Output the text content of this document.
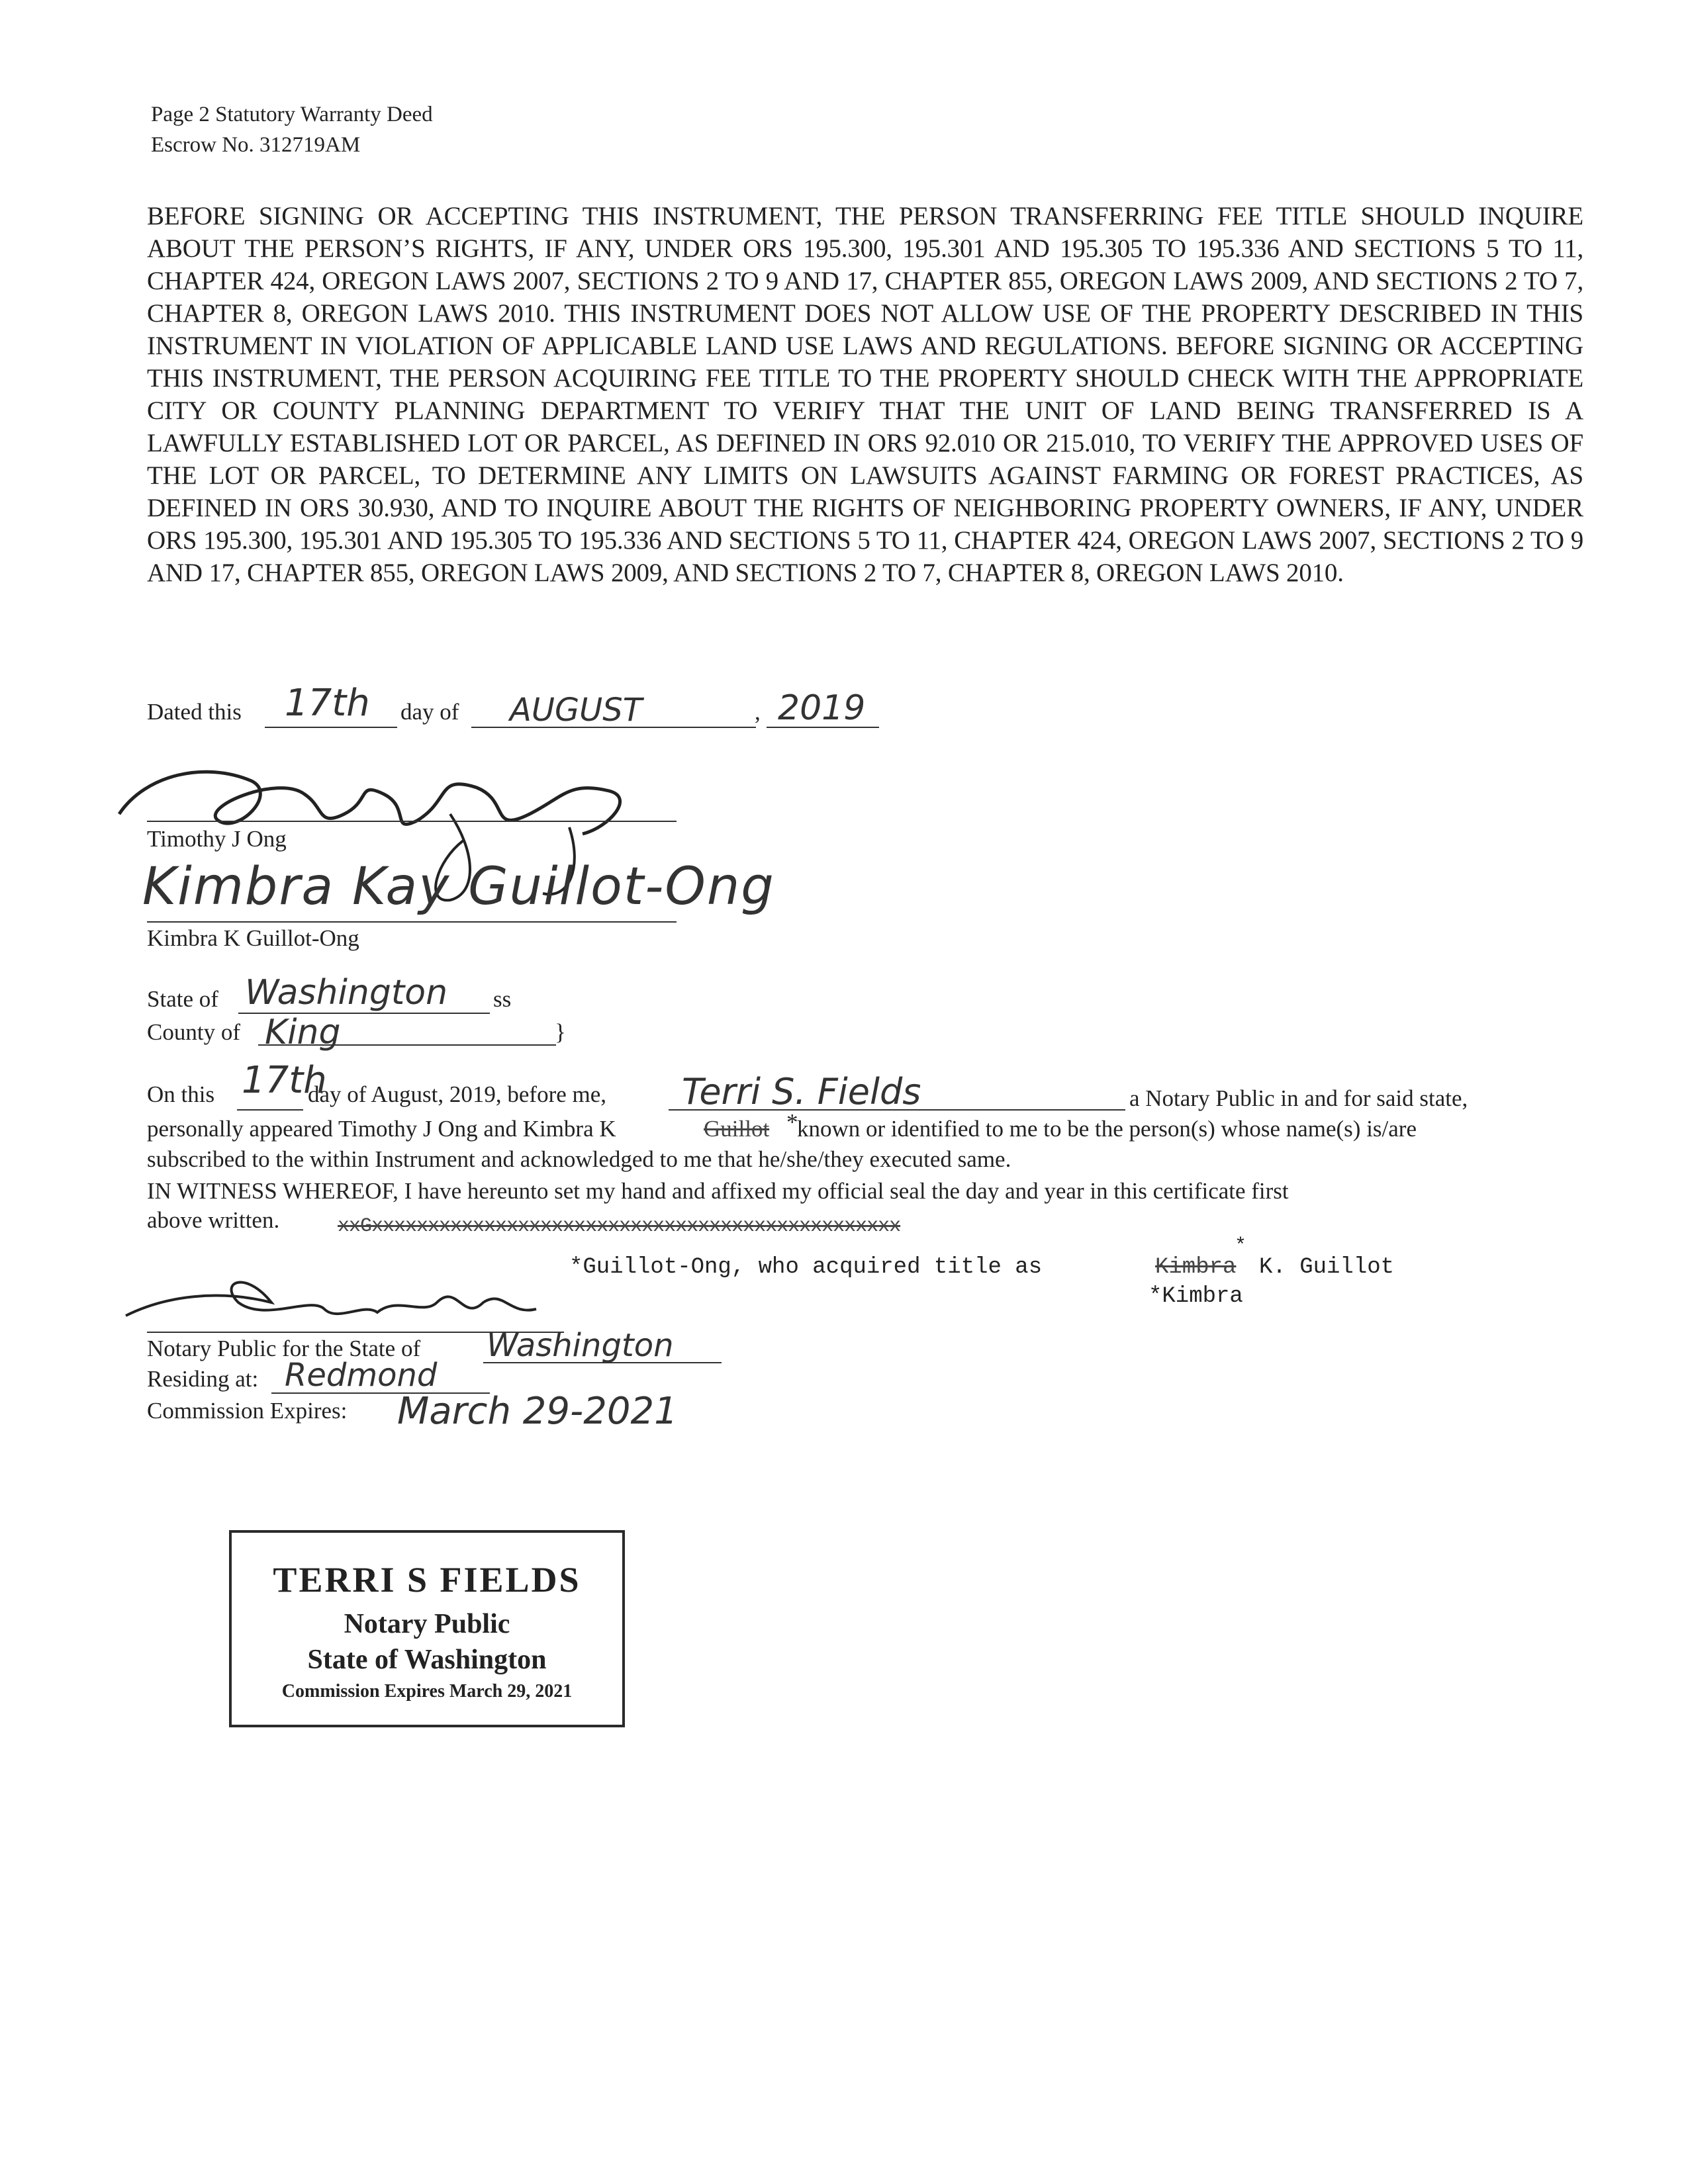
Page 2 Statutory Warranty Deed
Escrow No. 312719AM
BEFORE SIGNING OR ACCEPTING THIS INSTRUMENT, THE PERSON TRANSFERRING FEE TITLE SHOULD INQUIRE ABOUT THE PERSON’S RIGHTS, IF ANY, UNDER ORS 195.300, 195.301 AND 195.305 TO 195.336 AND SECTIONS 5 TO 11, CHAPTER 424, OREGON LAWS 2007, SECTIONS 2 TO 9 AND 17, CHAPTER 855, OREGON LAWS 2009, AND SECTIONS 2 TO 7, CHAPTER 8, OREGON LAWS 2010. THIS INSTRUMENT DOES NOT ALLOW USE OF THE PROPERTY DESCRIBED IN THIS INSTRUMENT IN VIOLATION OF APPLICABLE LAND USE LAWS AND REGULATIONS. BEFORE SIGNING OR ACCEPTING THIS INSTRUMENT, THE PERSON ACQUIRING FEE TITLE TO THE PROPERTY SHOULD CHECK WITH THE APPROPRIATE CITY OR COUNTY PLANNING DEPARTMENT TO VERIFY THAT THE UNIT OF LAND BEING TRANSFERRED IS A LAWFULLY ESTABLISHED LOT OR PARCEL, AS DEFINED IN ORS 92.010 OR 215.010, TO VERIFY THE APPROVED USES OF THE LOT OR PARCEL, TO DETERMINE ANY LIMITS ON LAWSUITS AGAINST FARMING OR FOREST PRACTICES, AS DEFINED IN ORS 30.930, AND TO INQUIRE ABOUT THE RIGHTS OF NEIGHBORING PROPERTY OWNERS, IF ANY, UNDER ORS 195.300, 195.301 AND 195.305 TO 195.336 AND SECTIONS 5 TO 11, CHAPTER 424, OREGON LAWS 2007, SECTIONS 2 TO 9 AND 17, CHAPTER 855, OREGON LAWS 2009, AND SECTIONS 2 TO 7, CHAPTER 8, OREGON LAWS 2010.
Dated this 17th day of AUGUST	, 2019
Timothy J Ong
Kimbra Kay Guillot-Ong
Kimbra K Guillot-Ong
State of Washington ss
County of King	}
On this 17th
day of August, 2019, before me, Terri S. Fields	a Notary Public in and for said state,
personally appeared Timothy J Ong and Kimbra K	Guillot *
known or identified to me to be the person(s) whose name(s) is/are
subscribed to the within Instrument and acknowledged to me that he/she/they executed same.
IN WITNESS WHEREOF, I have hereunto set my hand and affixed my official seal the day and year in this certificate first
above written.	xxGxxxxxxxxxxxxxxxxxxxxxxxxxxxxxxxxxxxxxxxxxxxxxxx
*Guillot-Ong, who acquired title as	Kimbra K. Guillot
*
*Kimbra
Notary Public for the State of Washington
Residing at: Redmond
Commission Expires: March 29-2021
TERRI S FIELDS
Notary Public
State of Washington
Commission Expires March 29, 2021
